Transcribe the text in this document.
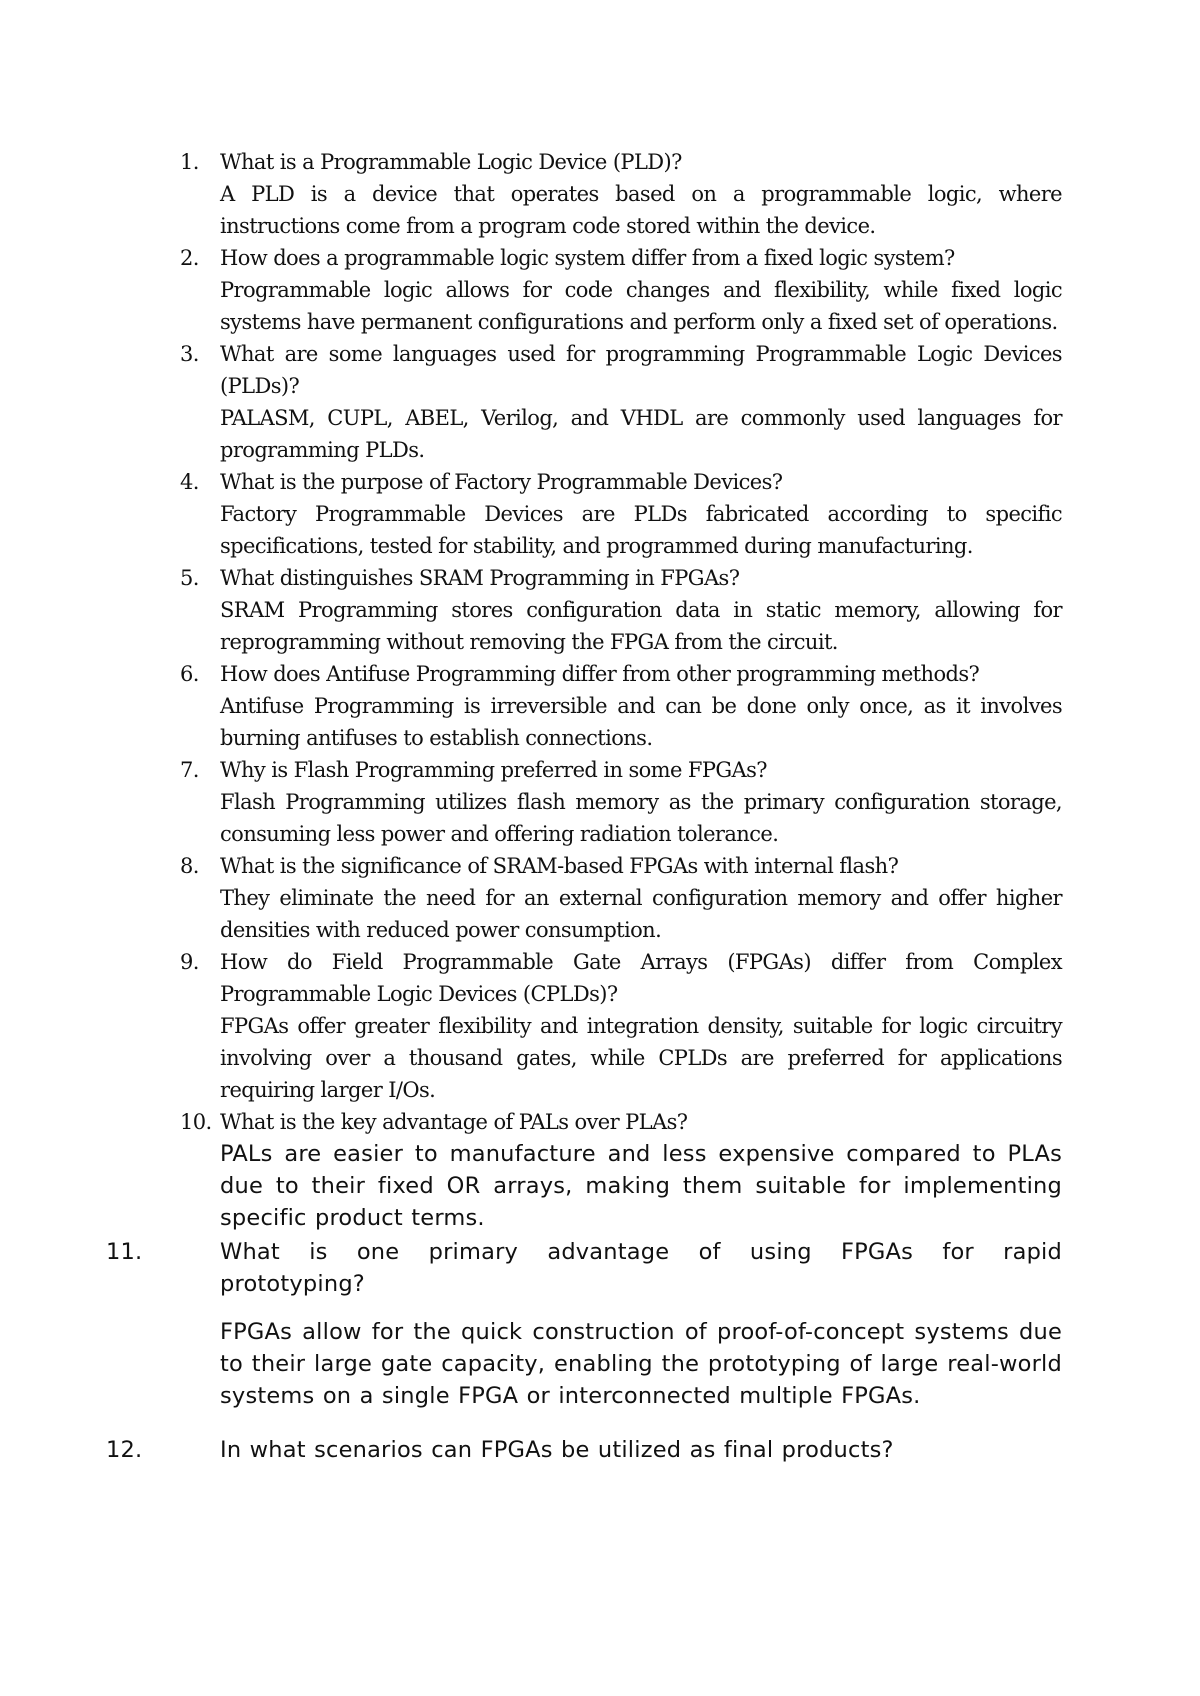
1.	What is a Programmable Logic Device (PLD)?
A PLD is a device that operates based on a programmable logic, where instructions come from a program code stored within the device.
2.	How does a programmable logic system differ from a fixed logic system?
Programmable logic allows for code changes and flexibility, while fixed logic systems have permanent configurations and perform only a fixed set of operations.
3.	What are some languages used for programming Programmable Logic Devices (PLDs)?
PALASM, CUPL, ABEL, Verilog, and VHDL are commonly used languages for programming PLDs.
4.	What is the purpose of Factory Programmable Devices?
Factory Programmable Devices are PLDs fabricated according to specific specifications, tested for stability, and programmed during manufacturing.
5.	What distinguishes SRAM Programming in FPGAs?
SRAM Programming stores configuration data in static memory, allowing for reprogramming without removing the FPGA from the circuit.
6.	How does Antifuse Programming differ from other programming methods?
Antifuse Programming is irreversible and can be done only once, as it involves burning antifuses to establish connections.
7.	Why is Flash Programming preferred in some FPGAs?
Flash Programming utilizes flash memory as the primary configuration storage, consuming less power and offering radiation tolerance.
8.	What is the significance of SRAM-based FPGAs with internal flash?
They eliminate the need for an external configuration memory and offer higher densities with reduced power consumption.
9.	How do Field Programmable Gate Arrays (FPGAs) differ from Complex Programmable Logic Devices (CPLDs)?
FPGAs offer greater flexibility and integration density, suitable for logic circuitry involving over a thousand gates, while CPLDs are preferred for applications requiring larger I/Os.
10. What is the key advantage of PALs over PLAs?
PALs are easier to manufacture and less expensive compared to PLAs due to their fixed OR arrays, making them suitable for implementing specific product terms.
11.	What is one primary advantage of using FPGAs for rapid prototyping?
FPGAs allow for the quick construction of proof-of-concept systems due to their large gate capacity, enabling the prototyping of large real-world systems on a single FPGA or interconnected multiple FPGAs.
12.	In what scenarios can FPGAs be utilized as final products?
